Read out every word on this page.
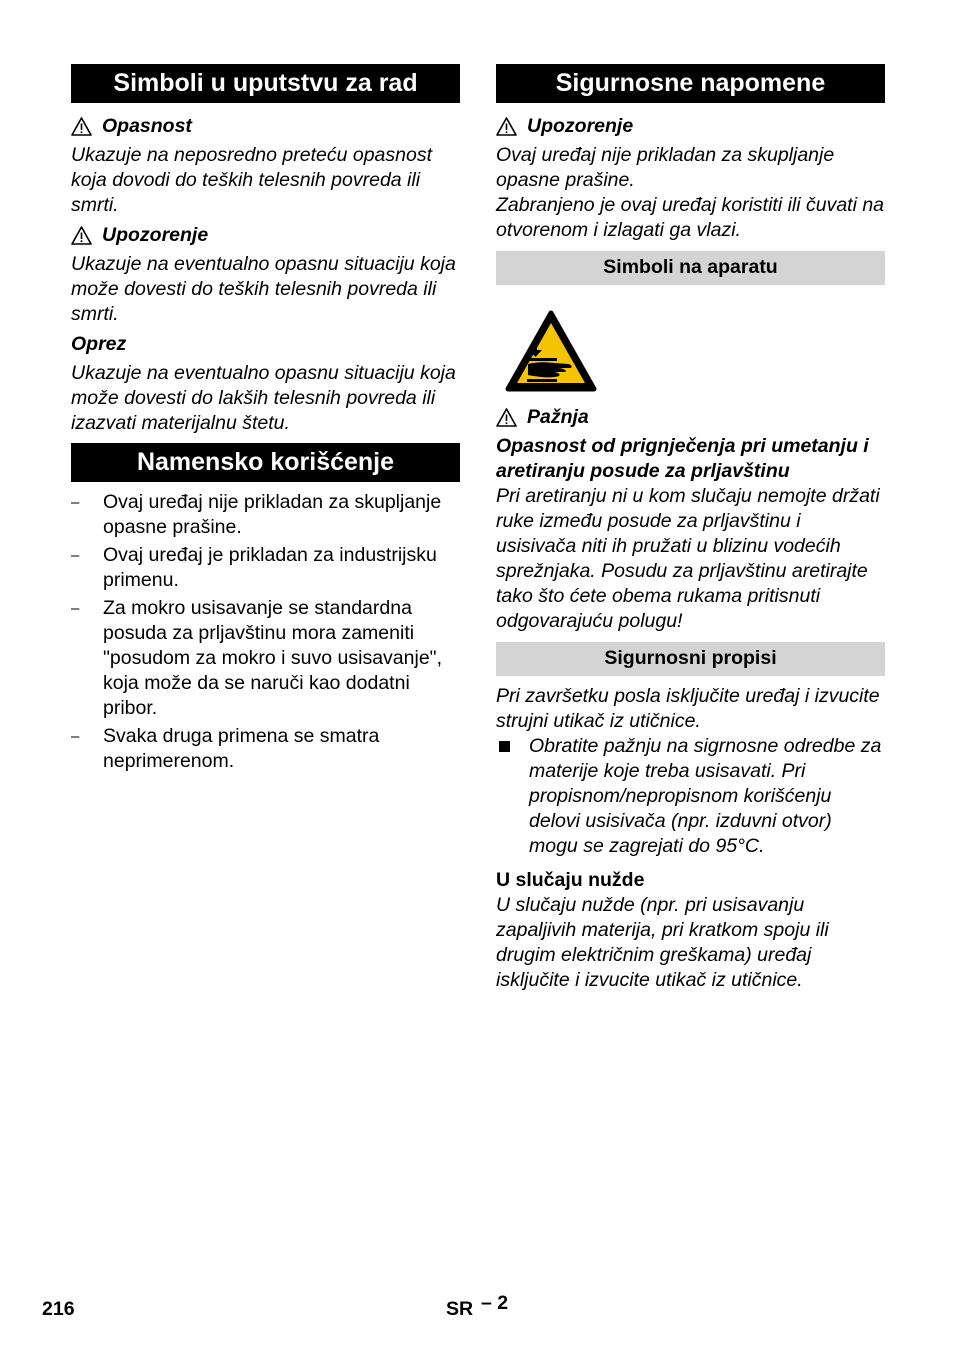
Simboli u uputstvu za rad
Opasnost

Ukazuje na neposredno preteću opasnost koja dovodi do teških telesnih povreda ili smrti.

Upozorenje

Ukazuje na eventualno opasnu situaciju koja može dovesti do teških telesnih povreda ili smrti.

Oprez

Ukazuje na eventualno opasnu situaciju koja može dovesti do lakših telesnih povreda ili izazvati materijalnu štetu.

Namensko korišćenje
– Ovaj uređaj nije prikladan za skupljanje opasne prašine.
– Ovaj uređaj je prikladan za industrijsku primenu.
– Za mokro usisavanje se standardna posuda za prljavštinu mora zameniti "posudom za mokro i suvo usisavanje", koja može da se naruči kao dodatni pribor.
– Svaka druga primena se smatra neprimerenom.
Sigurnosne napomene
Upozorenje

Ovaj uređaj nije prikladan za skupljanje opasne prašine.

Zabranjeno je ovaj uređaj koristiti ili čuvati na otvorenom i izlagati ga vlazi.

Simboli na aparatu
Pažnja

Opasnost od prignječenja pri umetanju i aretiranju posude za prljavštinu

Pri aretiranju ni u kom slučaju nemojte držati ruke između posude za prljavštinu i usisivača niti ih pružati u blizinu vodećih sprežnjaka. Posudu za prljavštinu aretirajte tako što ćete obema rukama pritisnuti odgovarajuću polugu!

Sigurnosni propisi

Pri završetku posla isključite uređaj i izvucite strujni utikač iz utičnice.

Obratite pažnju na sigrnosne odredbe za materije koje treba usisavati. Pri propisnom/nepropisnom korišćenju delovi usisivača (npr. izduvni otvor) mogu se zagrejati do 95°C.

U slučaju nužde

U slučaju nužde (npr. pri usisavanju zapaljivih materija, pri kratkom spoju ili drugim električnim greškama) uređaj isključite i izvucite utikač iz utičnice.

216	SR – 2
